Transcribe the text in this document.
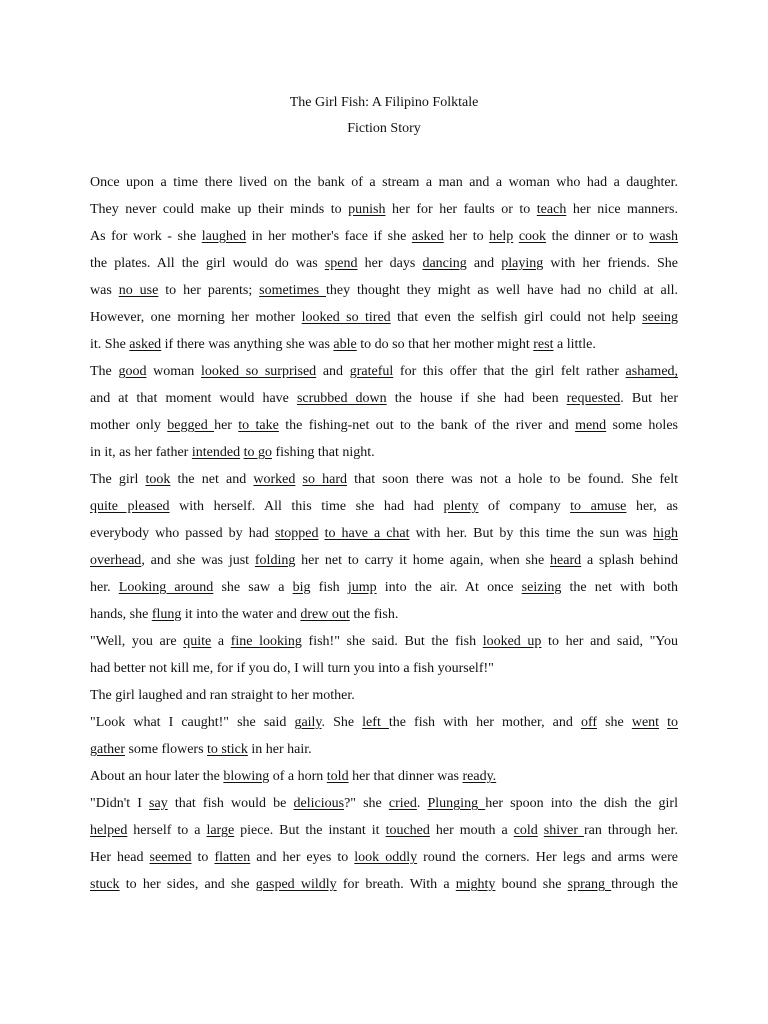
The Girl Fish: A Filipino Folktale
Fiction Story
Once upon a time there lived on the bank of a stream a man and a woman who had a daughter.
They never could make up their minds to punish her for her faults or to teach her nice manners.
As for work - she laughed in her mother's face if she asked her to help cook the dinner or to wash
the plates. All the girl would do was spend her days dancing and playing with her friends. She
was no use to her parents; sometimes they thought they might as well have had no child at all.
However, one morning her mother looked so tired that even the selfish girl could not help seeing
it. She asked if there was anything she was able to do so that her mother might rest a little.
The good woman looked so surprised and grateful for this offer that the girl felt rather ashamed,
and at that moment would have scrubbed down the house if she had been requested. But her
mother only begged her to take the fishing-net out to the bank of the river and mend some holes
in it, as her father intended to go fishing that night.
The girl took the net and worked so hard that soon there was not a hole to be found. She felt
quite pleased with herself. All this time she had had plenty of company to amuse her, as
everybody who passed by had stopped to have a chat with her. But by this time the sun was high
overhead, and she was just folding her net to carry it home again, when she heard a splash behind
her. Looking around she saw a big fish jump into the air. At once seizing the net with both
hands, she flung it into the water and drew out the fish.
"Well, you are quite a fine looking fish!" she said. But the fish looked up to her and said, "You
had better not kill me, for if you do, I will turn you into a fish yourself!"
The girl laughed and ran straight to her mother.
"Look what I caught!" she said gaily. She left the fish with her mother, and off she went to
gather some flowers to stick in her hair.
About an hour later the blowing of a horn told her that dinner was ready.
"Didn't I say that fish would be delicious?" she cried. Plunging her spoon into the dish the girl
helped herself to a large piece. But the instant it touched her mouth a cold shiver ran through her.
Her head seemed to flatten and her eyes to look oddly round the corners. Her legs and arms were
stuck to her sides, and she gasped wildly for breath. With a mighty bound she sprang through the
